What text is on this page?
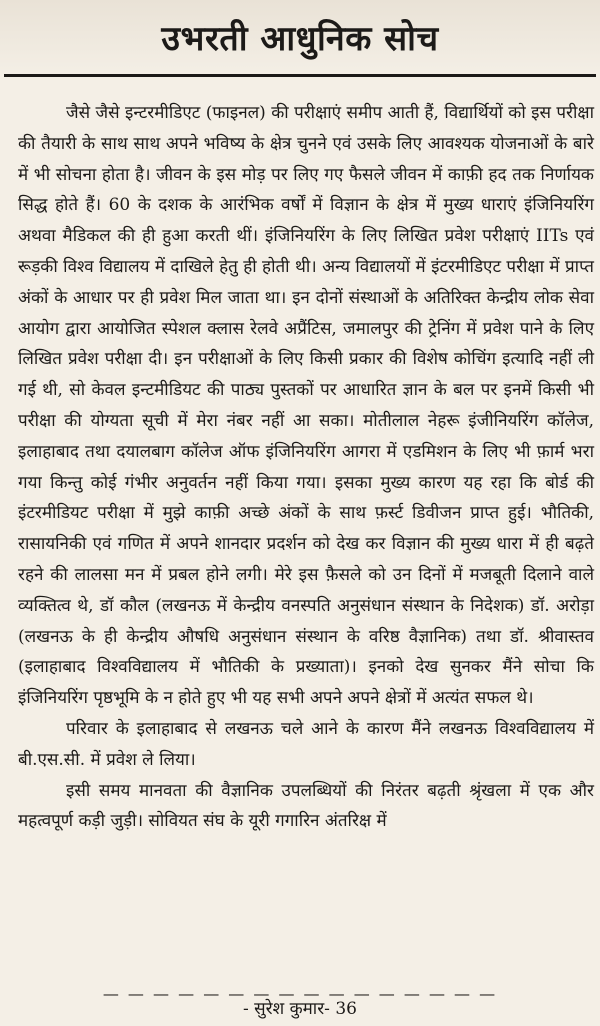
उभरती आधुनिक सोच

जैसे जैसे इन्टरमीडिएट (फाइनल) की परीक्षाएं समीप आती हैं, विद्यार्थियों को इस परीक्षा की तैयारी के साथ साथ अपने भविष्य के क्षेत्र चुनने एवं उसके लिए आवश्यक योजनाओं के बारे में भी सोचना होता है। जीवन के इस मोड़ पर लिए गए फैसले जीवन में काफ़ी हद तक निर्णायक सिद्ध होते हैं। 60 के दशक के आरंभिक वर्षों में विज्ञान के क्षेत्र में मुख्य धाराएं इंजिनियरिंग अथवा मैडिकल की ही हुआ करती थीं। इंजिनियरिंग के लिए लिखित प्रवेश परीक्षाएं IITs एवं रूड़की विश्व विद्यालय में दाखिले हेतु ही होती थी। अन्य विद्यालयों में इंटरमीडिएट परीक्षा में प्राप्त अंकों के आधार पर ही प्रवेश मिल जाता था। इन दोनों संस्थाओं के अतिरिक्त केन्द्रीय लोक सेवा आयोग द्वारा आयोजित स्पेशल क्लास रेलवे अप्रैंटिस, जमालपुर की ट्रेनिंग में प्रवेश पाने के लिए लिखित प्रवेश परीक्षा दी। इन परीक्षाओं के लिए किसी प्रकार की विशेष कोचिंग इत्यादि नहीं ली गई थी, सो केवल इन्टमीडियट की पाठ्य पुस्तकों पर आधारित ज्ञान के बल पर इनमें किसी भी परीक्षा की योग्यता सूची में मेरा नंबर नहीं आ सका। मोतीलाल नेहरू इंजीनियरिंग कॉलेज, इलाहाबाद तथा दयालबाग कॉलेज ऑफ इंजिनियरिंग आगरा में एडमिशन के लिए भी फ़ार्म भरा गया किन्तु कोई गंभीर अनुवर्तन नहीं किया गया। इसका मुख्य कारण यह रहा कि बोर्ड की इंटरमीडियट परीक्षा में मुझे काफ़ी अच्छे अंकों के साथ फ़र्स्ट डिवीजन प्राप्त हुई। भौतिकी, रासायनिकी एवं गणित में अपने शानदार प्रदर्शन को देख कर विज्ञान की मुख्य धारा में ही बढ़ते रहने की लालसा मन में प्रबल होने लगी। मेरे इस फ़ैसले को उन दिनों में मजबूती दिलाने वाले व्यक्तित्व थे, डॉ कौल (लखनऊ में केन्द्रीय वनस्पति अनुसंधान संस्थान के निदेशक) डॉ. अरोड़ा (लखनऊ के ही केन्द्रीय औषधि अनुसंधान संस्थान के वरिष्ठ वैज्ञानिक) तथा डॉ. श्रीवास्तव (इलाहाबाद विश्वविद्यालय में भौतिकी के प्रख्याता)। इनको देख सुनकर मैंने सोचा कि इंजिनियरिंग पृष्ठभूमि के न होते हुए भी यह सभी अपने अपने क्षेत्रों में अत्यंत सफल थे।

परिवार के इलाहाबाद से लखनऊ चले आने के कारण मैंने लखनऊ विश्वविद्यालय में बी.एस.सी. में प्रवेश ले लिया।

इसी समय मानवता की वैज्ञानिक उपलब्धियों की निरंतर बढ़ती श्रृंखला में एक और महत्वपूर्ण कड़ी जुड़ी। सोवियत संघ के यूरी गगारिन अंतरिक्ष में

— — — — — — — — — — — — — — — —
- सुरेश कुमार- 36
